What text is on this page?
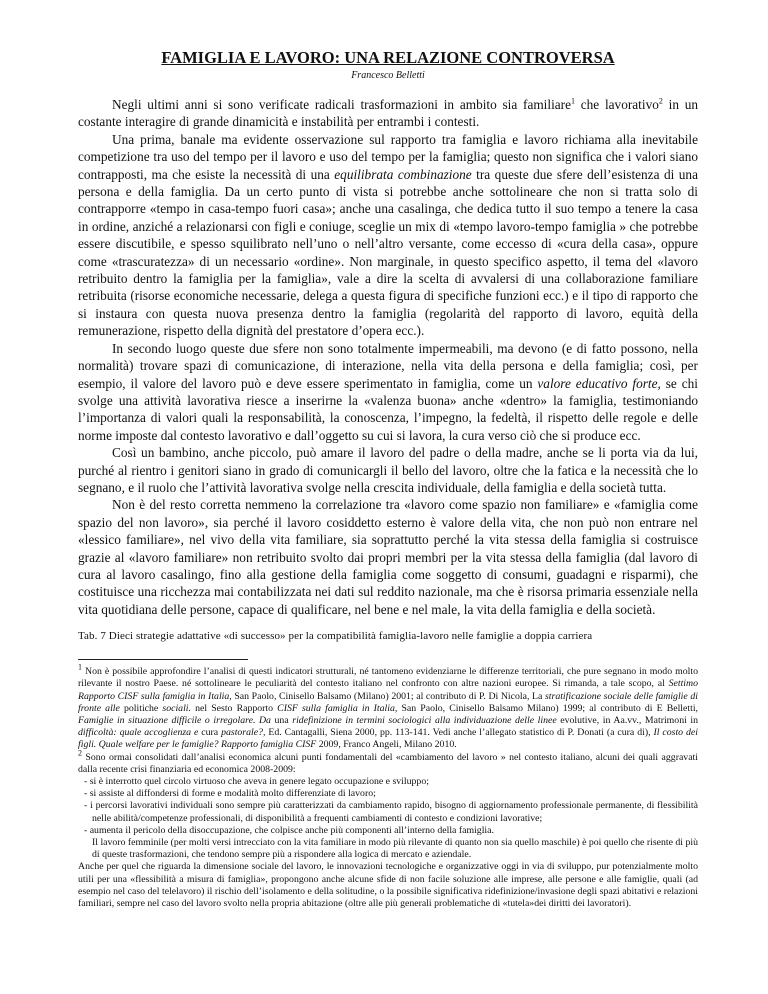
FAMIGLIA E LAVORO: UNA RELAZIONE CONTROVERSA
Francesco Belletti

Negli ultimi anni si sono verificate radicali trasformazioni in ambito sia familiare$^1$ che lavorativo$^2$ in un costante interagire di grande dinamicità e instabilità per entrambi i contesti.

Una prima, banale ma evidente osservazione sul rapporto tra famiglia e lavoro richiama alla inevitabile competizione tra uso del tempo per il lavoro e uso del tempo per la famiglia; questo non significa che i valori siano contrapposti, ma che esiste la necessità di una equilibrata combinazione tra queste due sfere dell’esistenza di una persona e della famiglia. Da un certo punto di vista si potrebbe anche sottolineare che non si tratta solo di contrapporre «tempo in casa-tempo fuori casa»; anche una casalinga, che dedica tutto il suo tempo a tenere la casa in ordine, anziché a relazionarsi con figli e coniuge, sceglie un mix di «tempo lavoro-tempo famiglia » che potrebbe essere discutibile, e spesso squilibrato nell’uno o nell’altro versante, come eccesso di «cura della casa», oppure come «trascuratezza» di un necessario «ordine». Non marginale, in questo specifico aspetto, il tema del «lavoro retribuito dentro la famiglia per la famiglia», vale a dire la scelta di avvalersi di una collaborazione familiare retribuita (risorse economiche necessarie, delega a questa figura di specifiche funzioni ecc.) e il tipo di rapporto che si instaura con questa nuova presenza dentro la famiglia (regolarità del rapporto di lavoro, equità della remunerazione, rispetto della dignità del prestatore d’opera ecc.).

In secondo luogo queste due sfere non sono totalmente impermeabili, ma devono (e di fatto possono, nella normalità) trovare spazi di comunicazione, di interazione, nella vita della persona e della famiglia; così, per esempio, il valore del lavoro può e deve essere sperimentato in famiglia, come un valore educativo forte, se chi svolge una attività lavorativa riesce a inserirne la «valenza buona» anche «dentro» la famiglia, testimoniando l’importanza di valori quali la responsabilità, la conoscenza, l’impegno, la fedeltà, il rispetto delle regole e delle norme imposte dal contesto lavorativo e dall’oggetto su cui si lavora, la cura verso ciò che si produce ecc.

Così un bambino, anche piccolo, può amare il lavoro del padre o della madre, anche se li porta via da lui, purché al rientro i genitori siano in grado di comunicargli il bello del lavoro, oltre che la fatica e la necessità che lo segnano, e il ruolo che l’attività lavorativa svolge nella crescita individuale, della famiglia e della società tutta.

Non è del resto corretta nemmeno la correlazione tra «lavoro come spazio non familiare» e «famiglia come spazio del non lavoro», sia perché il lavoro cosiddetto esterno è valore della vita, che non può non entrare nel «lessico familiare», nel vivo della vita familiare, sia soprattutto perché la vita stessa della famiglia si costruisce grazie al «lavoro familiare» non retribuito svolto dai propri membri per la vita stessa della famiglia (dal lavoro di cura al lavoro casalingo, fino alla gestione della famiglia come soggetto di consumi, guadagni e risparmi), che costituisce una ricchezza mai contabilizzata nei dati sul reddito nazionale, ma che è risorsa primaria essenziale nella vita quotidiana delle persone, capace di qualificare, nel bene e nel male, la vita della famiglia e della società.

Tab. 7 Dieci strategie adattative «di successo» per la compatibilità famiglia-lavoro nelle famiglie a doppia carriera

$^1$ Non è possibile approfondire l’analisi di questi indicatori strutturali, né tantomeno evidenziarne le differenze territoriali, che pure segnano in modo molto rilevante il nostro Paese. né sottolineare le peculiarità del contesto italiano nel confronto con altre nazioni europee. Si rimanda, a tale scopo, al Settimo Rapporto CISF sulla famiglia in Italia, San Paolo, Cinisello Balsamo (Milano) 2001; al contributo di P. Di Nicola, La stratificazione sociale delle famiglie di fronte alle politiche sociali. nel Sesto Rapporto CISF sulla famiglia in Italia, San Paolo, Cinisello Balsamo Milano) 1999; al contributo di E Belletti, Famiglie in situazione difficile o irregolare. Da una ridefinizione in termini sociologici alla individuazione delle linee evolutive, in Aa.vv., Matrimoni in difficoltà: quale accoglienza e cura pastorale?, Ed. Cantagalli, Siena 2000, pp. 113-141. Vedi anche l’allegato statistico di P. Donati (a cura di), Il costo dei figli. Quale welfare per le famiglie? Rapporto famiglia CISF 2009, Franco Angeli, Milano 2010.

$^2$ Sono ormai consolidati dall’analisi economica alcuni punti fondamentali del «cambiamento del lavoro » nel contesto italiano, alcuni dei quali aggravati dalla recente crisi finanziaria ed economica 2008-2009:

- si è interrotto quel circolo virtuoso che aveva in genere legato occupazione e sviluppo;
- si assiste al diffondersi di forme e modalità molto differenziate di lavoro;
- i percorsi lavorativi individuali sono sempre più caratterizzati da cambiamento rapido, bisogno di aggiornamento professionale permanente, di flessibilità nelle abilità/competenze professionali, di disponibilità a frequenti cambiamenti di contesto e condizioni lavorative;
- aumenta il pericolo della disoccupazione, che colpisce anche più componenti all’interno della famiglia.
Il lavoro femminile (per molti versi intrecciato con la vita familiare in modo più rilevante di quanto non sia quello maschile) è poi quello che risente di più di queste trasformazioni, che tendono sempre più a rispondere alla logica di mercato e aziendale.

Anche per quel che riguarda la dimensione sociale del lavoro, le innovazioni tecnologiche e organizzative oggi in via di sviluppo, pur potenzialmente molto utili per una «flessibilità a misura di famiglia», propongono anche alcune sfide di non facile soluzione alle imprese, alle persone e alle famiglie, quali (ad esempio nel caso del telelavoro) il rischio dell’isolamento e della solitudine, o la possibile significativa ridefinizione/invasione degli spazi abitativi e relazioni familiari, sempre nel caso del lavoro svolto nella propria abitazione (oltre alle più generali problematiche di «tutela»dei diritti dei lavoratori).
